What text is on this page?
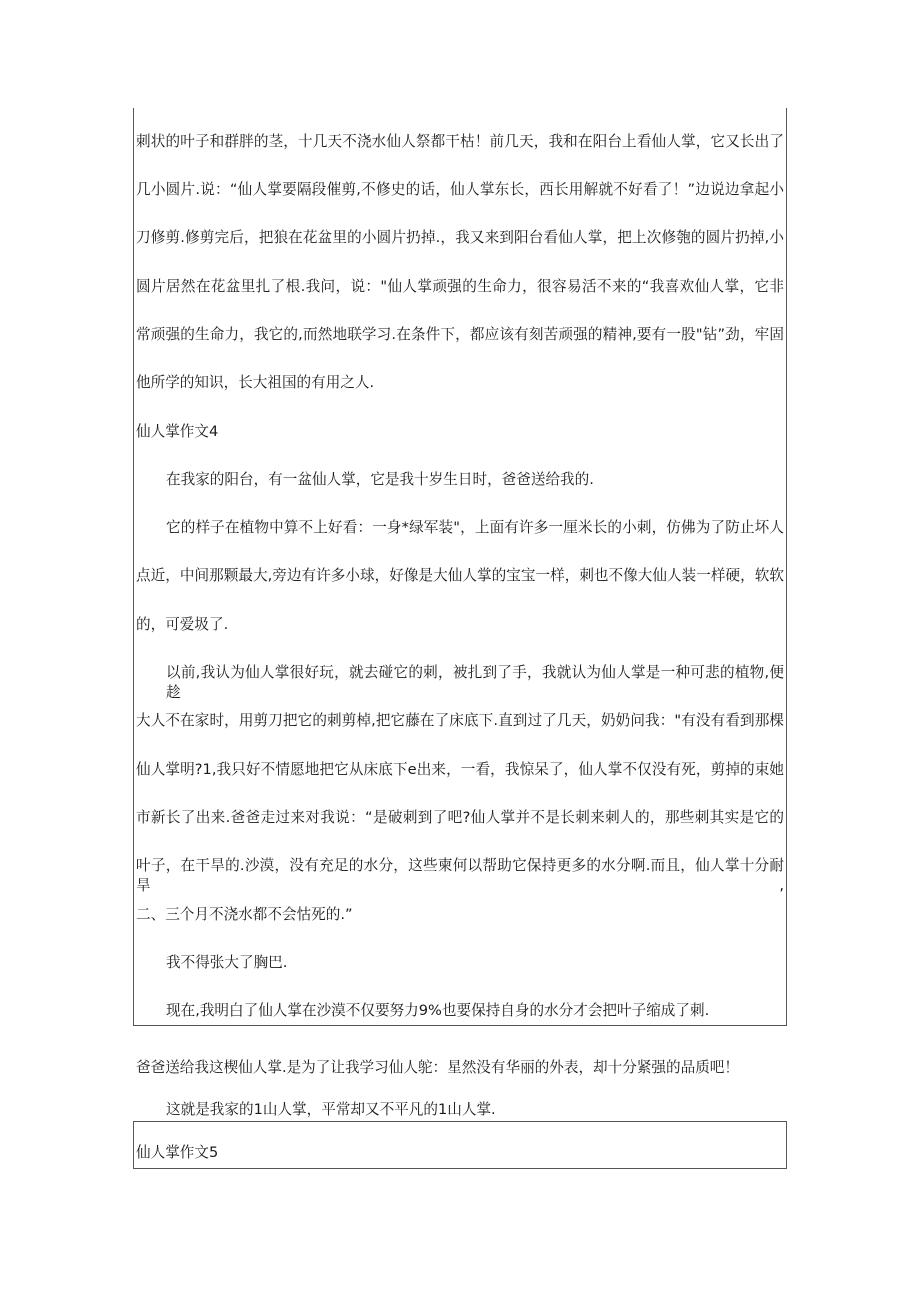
刺状的叶子和群胖的茎，十几天不浇水仙人祭都干枯！前几天，我和在阳台上看仙人掌，它又长出了
几小圆片.说：“仙人掌要隔段催剪,不修史的话，仙人掌东长，西长用解就不好看了！”边说边拿起小
刀修剪.修剪完后，把狼在花盆里的小圆片扔掉.，我又来到阳台看仙人掌，把上次修匏的圆片扔掉,小
圆片居然在花盆里扎了根.我问，说："仙人掌顽强的生命力，很容易活不来的“我喜欢仙人掌，它非
常顽强的生命力，我它的,而然地联学习.在条件下，都应该有刻苦顽强的精神,要有一股"钻”劲，牢固
他所学的知识，长大祖国的有用之人.
仙人掌作文4
在我家的阳台，有一盆仙人掌，它是我十岁生日时，爸爸送给我的.
它的样子在植物中算不上好看：一身*绿军装"，上面有许多一厘米长的小刺，仿佛为了防止坏人
点近，中间那颗最大,旁边有许多小球，好像是大仙人掌的宝宝一样，刺也不像大仙人装一样硬，软软
的，可爱圾了.
以前,我认为仙人掌很好玩，就去碰它的刺，被扎到了手，我就认为仙人掌是一种可悲的植物,便趁
大人不在家时，用剪刀把它的刺剪棹,把它藤在了床底下.直到过了几天，奶奶问我："有没有看到那棵
仙人掌明?1,我只好不情愿地把它从床底下e出来，一看，我惊呆了，仙人掌不仅没有死，剪掉的束她
市新长了出来.爸爸走过来对我说：“是破刺到了吧?仙人掌并不是长刺来刺人的，那些刺其实是它的
叶子，在干旱的.沙漠，没有充足的水分，这些柬何以帮助它保持更多的水分啊.而且，仙人掌十分耐旱,
二、三个月不浇水都不会怙死的.”
我不得张大了胸巴.
现在,我明白了仙人掌在沙漠不仅要努力9%也要保持自身的水分才会把叶子缩成了刺.
爸爸送给我这楔仙人掌.是为了让我学习仙人鸵：星然没有华丽的外表，却十分紧强的品质吧！
这就是我家的1山人掌，平常却又不平凡的1山人掌.
仙人掌作文5
